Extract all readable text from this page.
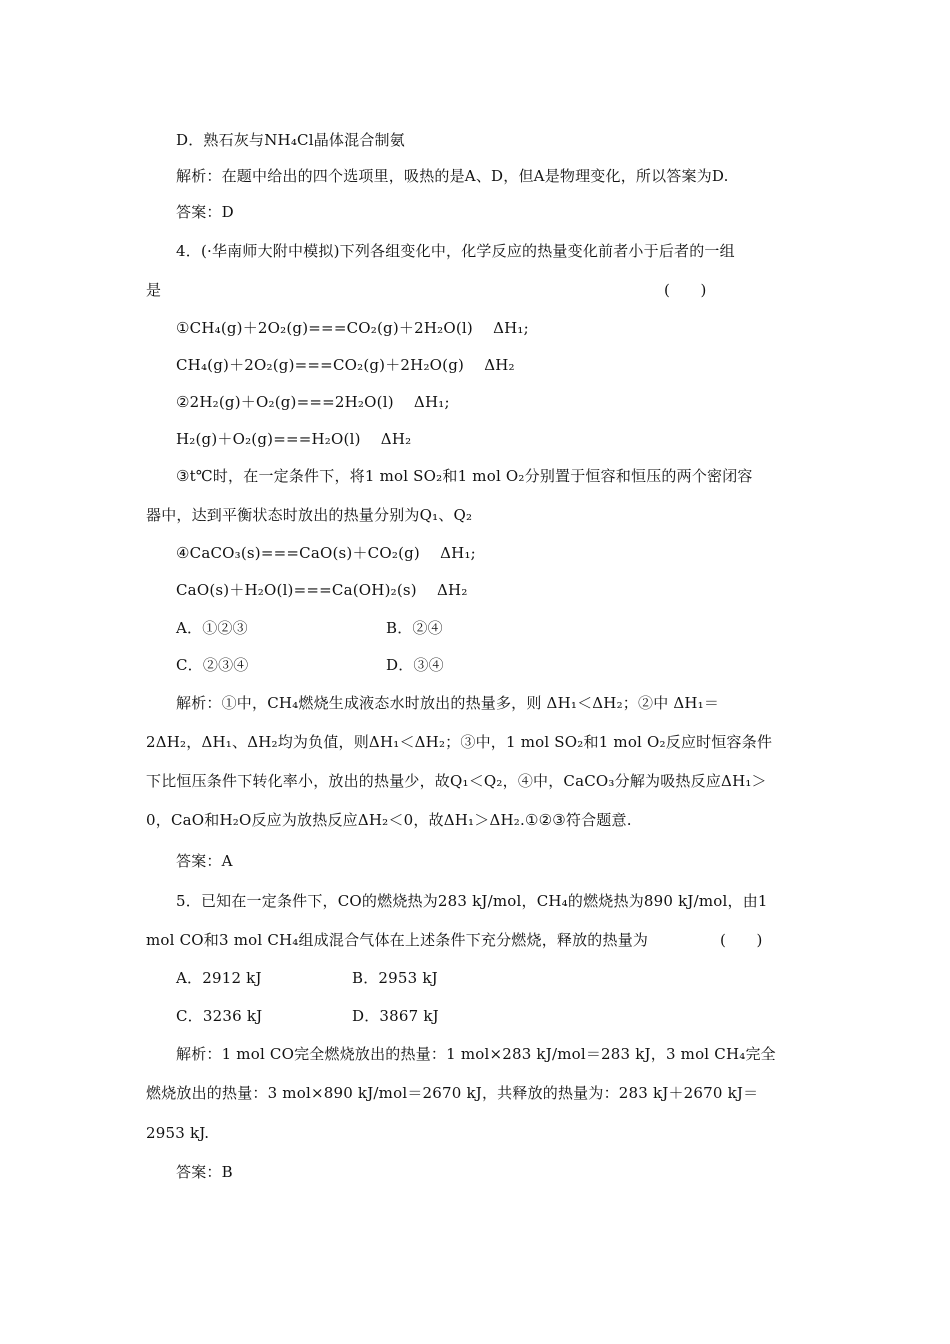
D．熟石灰与NH₄Cl晶体混合制氨
解析：在题中给出的四个选项里，吸热的是A、D，但A是物理变化，所以答案为D.
答案：D
4．(·华南师大附中模拟)下列各组变化中，化学反应的热量变化前者小于后者的一组
是	(　　)
①CH₄(g)＋2O₂(g)===CO₂(g)＋2H₂O(l)　 ΔH₁;
CH₄(g)＋2O₂(g)===CO₂(g)＋2H₂O(g)　 ΔH₂
②2H₂(g)＋O₂(g)===2H₂O(l)　 ΔH₁;
H₂(g)＋O₂(g)===H₂O(l)　 ΔH₂
③t℃时，在一定条件下，将1 mol SO₂和1 mol O₂分别置于恒容和恒压的两个密闭容
器中，达到平衡状态时放出的热量分别为Q₁、Q₂
④CaCO₃(s)===CaO(s)＋CO₂(g)　 ΔH₁;
CaO(s)＋H₂O(l)===Ca(OH)₂(s)　 ΔH₂
A．①②③	B．②④
C．②③④	D．③④
解析：①中，CH₄燃烧生成液态水时放出的热量多，则 ΔH₁＜ΔH₂；②中 ΔH₁＝
2ΔH₂，ΔH₁、ΔH₂均为负值，则ΔH₁＜ΔH₂；③中，1 mol SO₂和1 mol O₂反应时恒容条件
下比恒压条件下转化率小，放出的热量少，故Q₁＜Q₂，④中，CaCO₃分解为吸热反应ΔH₁＞
0，CaO和H₂O反应为放热反应ΔH₂＜0，故ΔH₁＞ΔH₂.①②③符合题意.
答案：A
5．已知在一定条件下，CO的燃烧热为283 kJ/mol，CH₄的燃烧热为890 kJ/mol，由1
mol CO和3 mol CH₄组成混合气体在上述条件下充分燃烧，释放的热量为	(　　)
A．2912 kJ	B．2953 kJ
C．3236 kJ	D．3867 kJ
解析：1 mol CO完全燃烧放出的热量：1 mol×283 kJ/mol＝283 kJ，3 mol CH₄完全
燃烧放出的热量：3 mol×890 kJ/mol＝2670 kJ，共释放的热量为：283 kJ＋2670 kJ＝
2953 kJ.
答案：B
